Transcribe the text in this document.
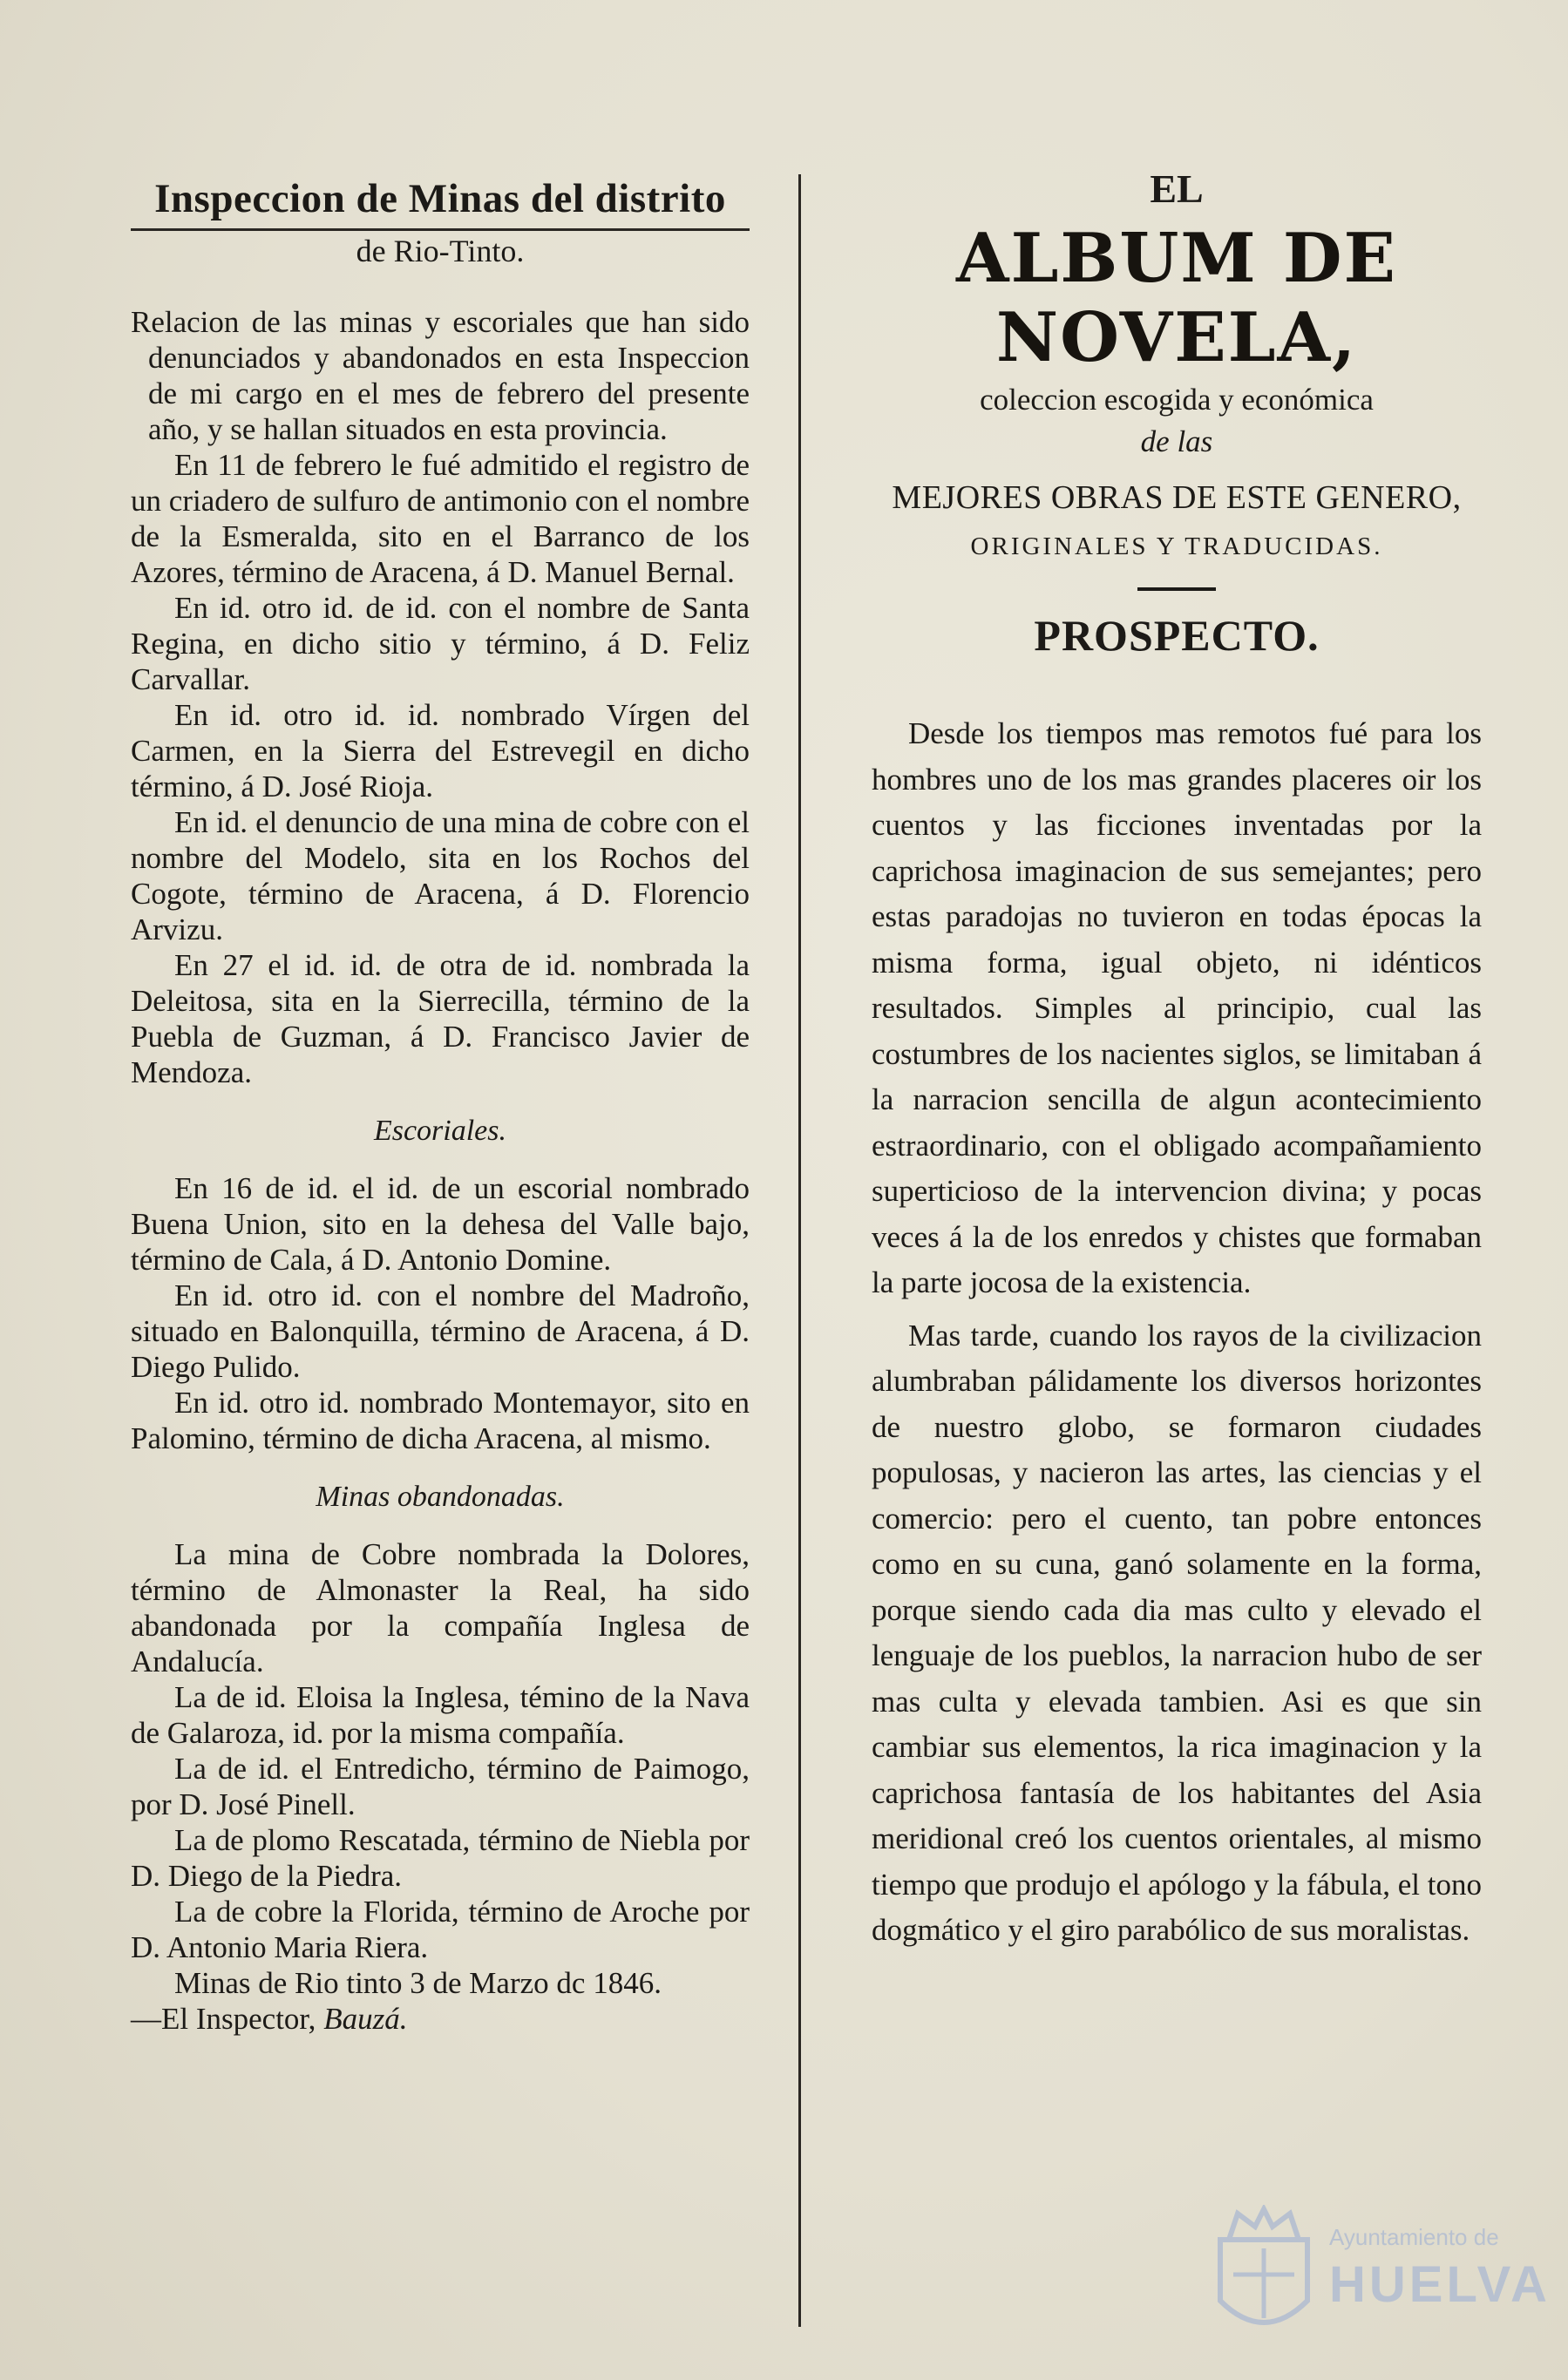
Inspeccion de Minas del distrito
de Rio-Tinto.

Relacion de las minas y escoriales que han sido denunciados y abandonados en esta Inspeccion de mi cargo en el mes de febrero del presente año, y se hallan situados en esta provincia.

En 11 de febrero le fué admitido el registro de un criadero de sulfuro de antimonio con el nombre de la Esmeralda, sito en el Barranco de los Azores, término de Aracena, á D. Manuel Bernal.

En id. otro id. de id. con el nombre de Santa Regina, en dicho sitio y término, á D. Feliz Carvallar.

En id. otro id. id. nombrado Vírgen del Carmen, en la Sierra del Estrevegil en dicho término, á D. José Rioja.

En id. el denuncio de una mina de cobre con el nombre del Modelo, sita en los Rochos del Cogote, término de Aracena, á D. Florencio Arvizu.

En 27 el id. id. de otra de id. nombrada la Deleitosa, sita en la Sierrecilla, término de la Puebla de Guzman, á D. Francisco Javier de Mendoza.

Escoriales.

En 16 de id. el id. de un escorial nombrado Buena Union, sito en la dehesa del Valle bajo, término de Cala, á D. Antonio Domine.

En id. otro id. con el nombre del Madroño, situado en Balonquilla, término de Aracena, á D. Diego Pulido.

En id. otro id. nombrado Montemayor, sito en Palomino, término de dicha Aracena, al mismo.

Minas obandonadas.

La mina de Cobre nombrada la Dolores, término de Almonaster la Real, ha sido abandonada por la compañía Inglesa de Andalucía.

La de id. Eloisa la Inglesa, témino de la Nava de Galaroza, id. por la misma compañía.

La de id. el Entredicho, término de Paimogo, por D. José Pinell.

La de plomo Rescatada, término de Niebla por D. Diego de la Piedra.

La de cobre la Florida, término de Aroche por D. Antonio Maria Riera.

Minas de Rio tinto 3 de Marzo dc 1846.

—El Inspector, Bauzá.

EL
ALBUM DE NOVELA,
coleccion escogida y económica
de las
MEJORES OBRAS DE ESTE GENERO,
ORIGINALES Y TRADUCIDAS.
PROSPECTO.

Desde los tiempos mas remotos fué para los hombres uno de los mas grandes placeres oir los cuentos y las ficciones inventadas por la caprichosa imaginacion de sus semejantes; pero estas paradojas no tuvieron en todas épocas la misma forma, igual objeto, ni idénticos resultados. Simples al principio, cual las costumbres de los nacientes siglos, se limitaban á la narracion sencilla de algun acontecimiento estraordinario, con el obligado acompañamiento superticioso de la intervencion divina; y pocas veces á la de los enredos y chistes que formaban la parte jocosa de la existencia.

Mas tarde, cuando los rayos de la civilizacion alumbraban pálidamente los diversos horizontes de nuestro globo, se formaron ciudades populosas, y nacieron las artes, las ciencias y el comercio: pero el cuento, tan pobre entonces como en su cuna, ganó solamente en la forma, porque siendo cada dia mas culto y elevado el lenguaje de los pueblos, la narracion hubo de ser mas culta y elevada tambien. Asi es que sin cambiar sus elementos, la rica imaginacion y la caprichosa fantasía de los habitantes del Asia meridional creó los cuentos orientales, al mismo tiempo que produjo el apólogo y la fábula, el tono dogmático y el giro parabólico de sus moralistas.

Ayuntamiento de
HUELVA
